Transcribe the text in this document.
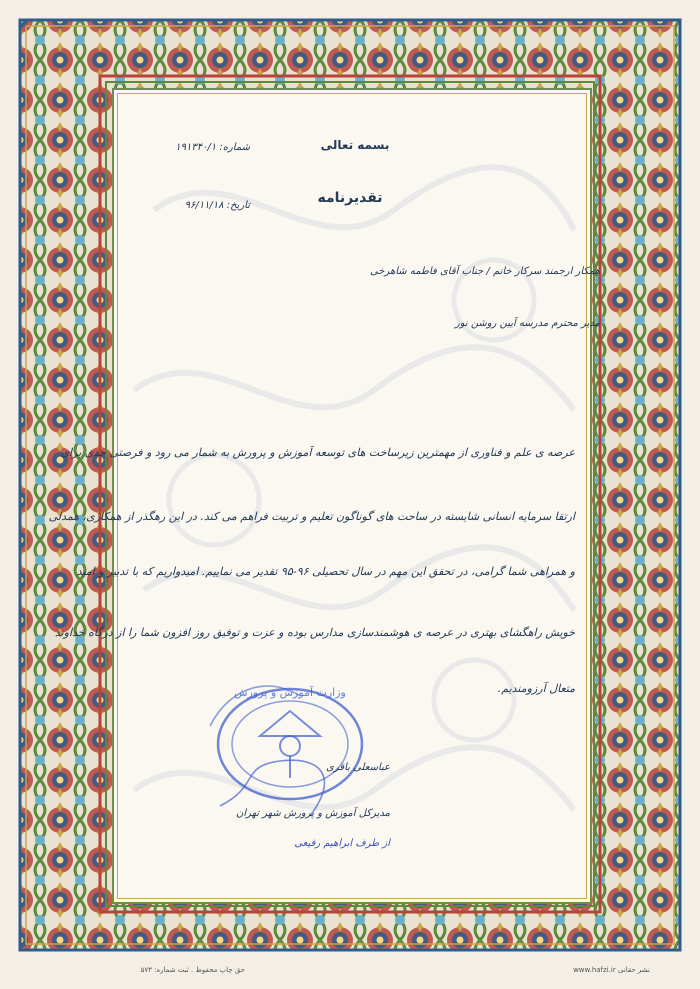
بسمه تعالی
تقدیرنامه
شماره: ۱۹۱۳۴۰/۱
تاریخ: ۹۶/۱۱/۱۸
همکار ارجمند سرکار خانم / جناب آقای فاطمه شاهرخی
مدیر محترم مدرسه آیین روشن نور
عرصه ی علم و فناوری از مهمترین زیرساخت های توسعه آموزش و پرورش به شمار می رود و فرصتی جدی برای
ارتقا سرمایه انسانی شایسته در ساحت های گوناگون تعلیم و تربیت فراهم می کند. در این رهگذر از همکاری، همدلی
و همراهی شما گرامی، در تحقق این مهم در سال تحصیلی ۹۶-۹۵ تقدیر می نماییم. امیدواریم که با تدبیر و امید
خویش راهگشای بهتری در عرصه ی هوشمندسازی مدارس بوده و عزت و توفیق روز افزون شما را از درگاه خداوند
متعال آرزومندیم.
وزارت آموزش و پرورش
عباسعلی باقری
مدیرکل آموزش و پرورش شهر تهران
از طرف ابراهیم رفیعی
حق چاپ محفوظ . ثبت شماره: ۵۷۳	نشر حقانی www.hafzi.ir
